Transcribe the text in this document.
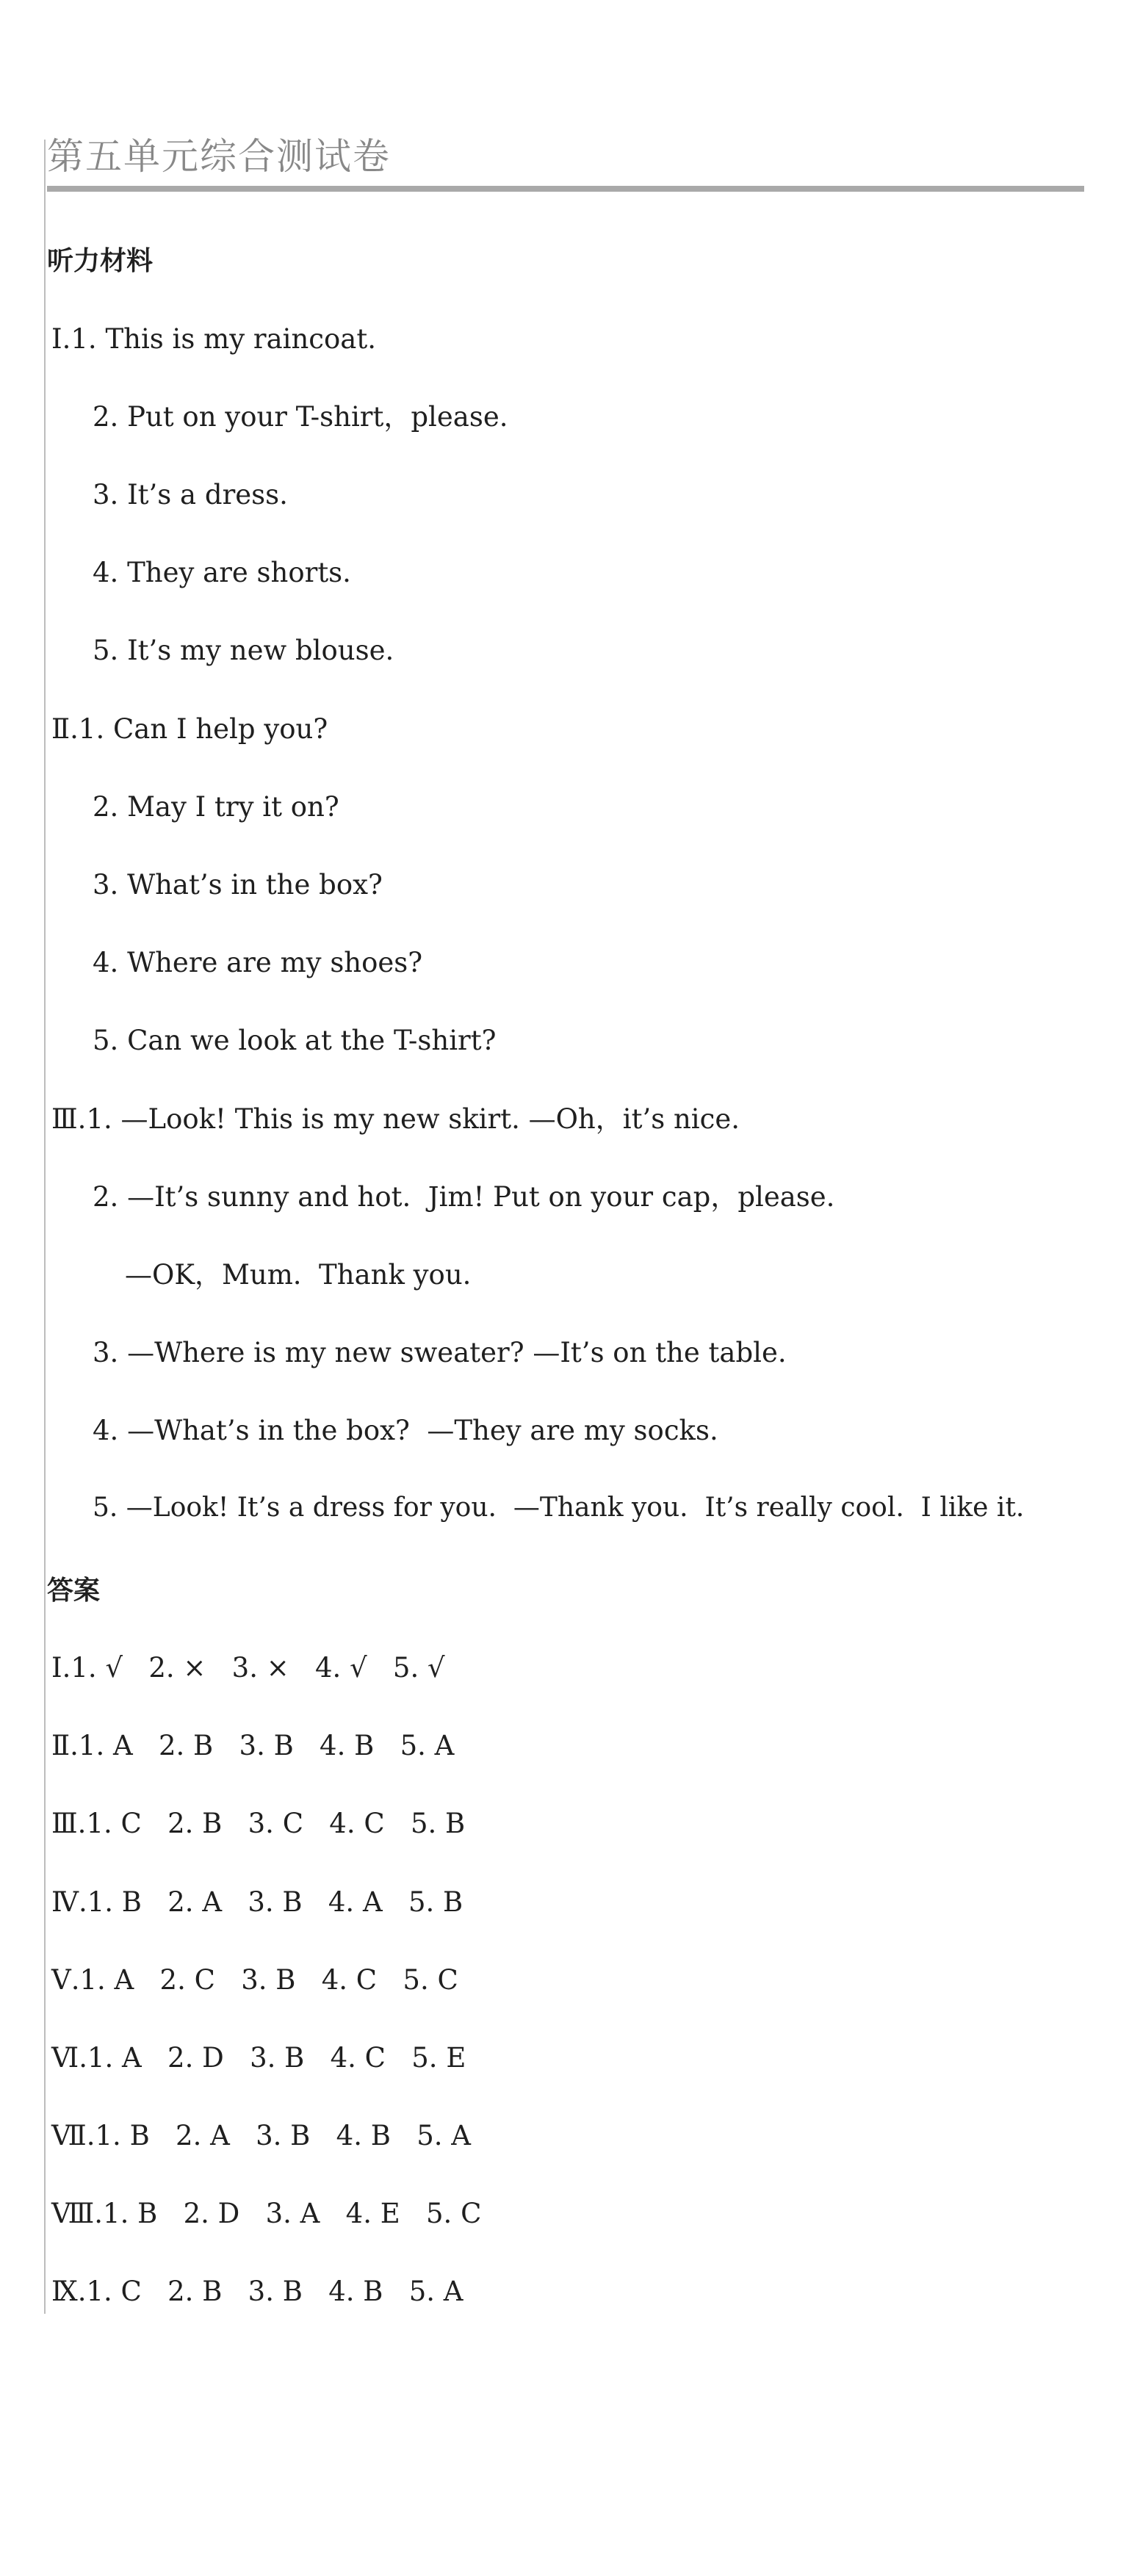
第五单元综合测试卷
听力材料
Ⅰ.1. This is my raincoat.
2. Put on your T-shirt，please.
3. It’s a dress.
4. They are shorts.
5. It’s my new blouse.
Ⅱ.1. Can I help you?
2. May I try it on?
3. What’s in the box?
4. Where are my shoes?
5. Can we look at the T-shirt?
Ⅲ.1. —Look! This is my new skirt. —Oh，it’s nice.
2. —It’s sunny and hot.  Jim! Put on your cap，please.
—OK，Mum.  Thank you.
3. —Where is my new sweater? —It’s on the table.
4. —What’s in the box?  —They are my socks.
5. —Look! It’s a dress for you.  —Thank you.  It’s really cool.  I like it.
答案
Ⅰ.1. √   2. ×   3. ×   4. √   5. √
Ⅱ.1. A   2. B   3. B   4. B   5. A
Ⅲ.1. C   2. B   3. C   4. C   5. B
Ⅳ.1. B   2. A   3. B   4. A   5. B
Ⅴ.1. A   2. C   3. B   4. C   5. C
Ⅵ.1. A   2. D   3. B   4. C   5. E
Ⅶ.1. B   2. A   3. B   4. B   5. A
Ⅷ.1. B   2. D   3. A   4. E   5. C
Ⅸ.1. C   2. B   3. B   4. B   5. A
